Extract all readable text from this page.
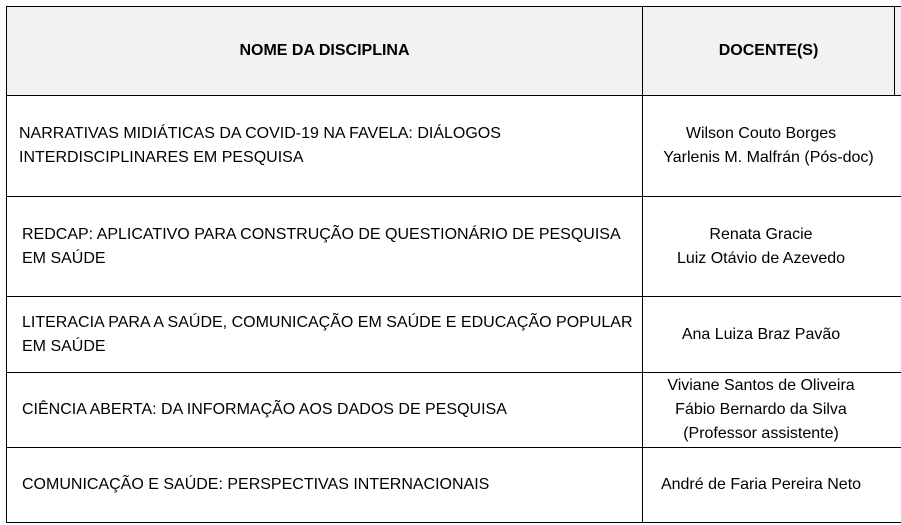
NOME DA DISCIPLINA	DOCENTE(S)
NARRATIVAS MIDIÁTICAS DA COVID-19 NA FAVELA: DIÁLOGOS INTERDISCIPLINARES EM PESQUISA
Wilson Couto Borges
Yarlenis M. Malfrán (Pós-doc)
REDCAP: APLICATIVO PARA CONSTRUÇÃO DE QUESTIONÁRIO DE PESQUISA EM SAÚDE
Renata Gracie
Luiz Otávio de Azevedo
LITERACIA PARA A SAÚDE, COMUNICAÇÃO EM SAÚDE E EDUCAÇÃO POPULAR EM SAÚDE
Ana Luiza Braz Pavão
CIÊNCIA ABERTA: DA INFORMAÇÃO AOS DADOS DE PESQUISA
Viviane Santos de Oliveira
Fábio Bernardo da Silva
(Professor assistente)
COMUNICAÇÃO E SAÚDE: PERSPECTIVAS INTERNACIONAIS	André de Faria Pereira Neto
